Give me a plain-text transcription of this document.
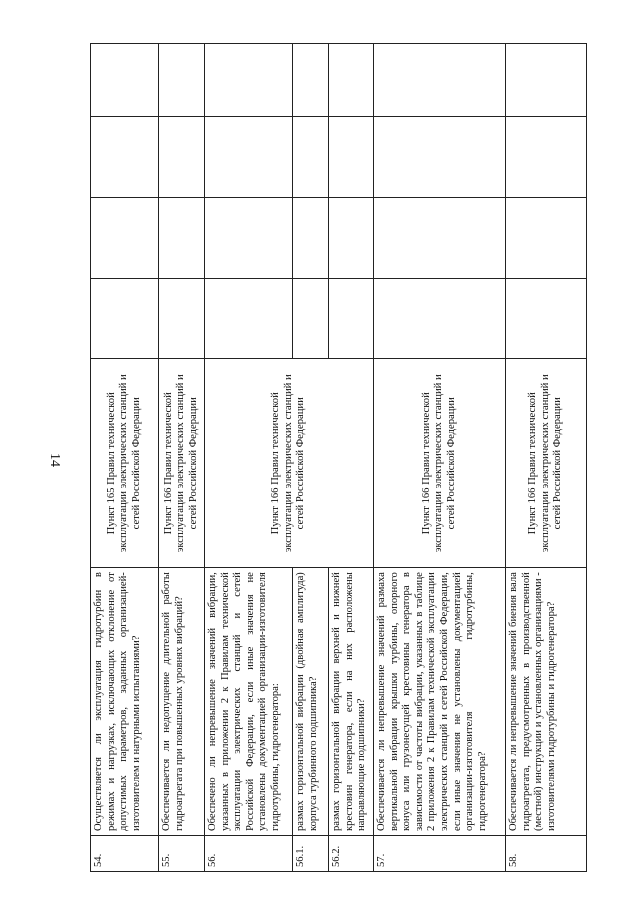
14
54.	Осуществляется ли эксплуатация гидротурбин в режимах и нагрузках, исключающих отклонение от допустимых параметров, заданных организацией-изготовителем и натурными испытаниями?	Пункт 165 Правил технической эксплуатации электрических станций и сетей Российской Федерации				
55.	Обеспечивается ли недопущение длительной работы гидроагрегата при повышенных уровнях вибраций?	Пункт 166 Правил технической эксплуатации электрических станций и сетей Российской Федерации				
56.	Обеспечено ли непревышение значений вибрации, указанных в приложении 2 к Правилам технической эксплуатации электрических станций и сетей Российской Федерации, если иные значения не установлены документацией организации-изготовителя гидротурбины, гидрогенератора:	Пункт 166 Правил технической эксплуатации электрических станций и сетей Российской Федерации				
56.1.	размах горизонтальной вибрации (двойная амплитуда) корпуса турбинного подшипника?					
56.2.	размах горизонтальной вибрации верхней и нижней крестовин генератора, если на них расположены направляющие подшипники?					
57.	Обеспечивается ли непревышение значений размаха вертикальной вибрации крышки турбины, опорного конуса или грузонесущей крестовины генератора в зависимости от частоты вибрации, указанных в таблице 2 приложения 2 к Правилам технической эксплуатации электрических станций и сетей Российской Федерации, если иные значения не установлены документацией организации-изготовителя гидротурбины, гидрогенератора?	Пункт 166 Правил технической эксплуатации электрических станций и сетей Российской Федерации				
58.	Обеспечивается ли непревышение значений биения вала гидроагрегата, предусмотренных в производственной (местной) инструкции и установленных организациями - изготовителями гидротурбины и гидрогенератора?	Пункт 166 Правил технической эксплуатации электрических станций и сетей Российской Федерации				
